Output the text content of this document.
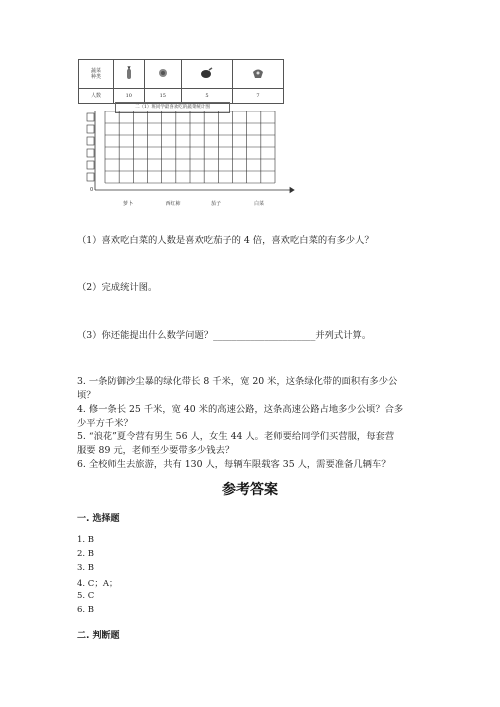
蔬菜
种类

人数	10	15	5	7
二（1）班同学最喜欢吃的蔬菜统计图
0
萝卜	西红柿	茄子	白菜
（1）喜欢吃白菜的人数是喜欢吃茄子的 4 倍，喜欢吃白菜的有多少人？
（2）完成统计图。
（3）你还能提出什么数学问题？______________________并列式计算。
3. 一条防御沙尘暴的绿化带长 8 千米，宽 20 米，这条绿化带的面积有多少公
顷？
4. 修一条长 25 千米，宽 40 米的高速公路，这条高速公路占地多少公顷？合多
少平方千米？
5. “浪花”夏令营有男生 56 人，女生 44 人。老师要给同学们买营服，每套营
服要 89 元，老师至少要带多少钱去？
6. 全校师生去旅游，共有 130 人，每辆车限载客 35 人，需要准备几辆车？
参考答案
一. 选择题
1. B
2. B
3. B
4. C；A；
5. C
6. B
二. 判断题
